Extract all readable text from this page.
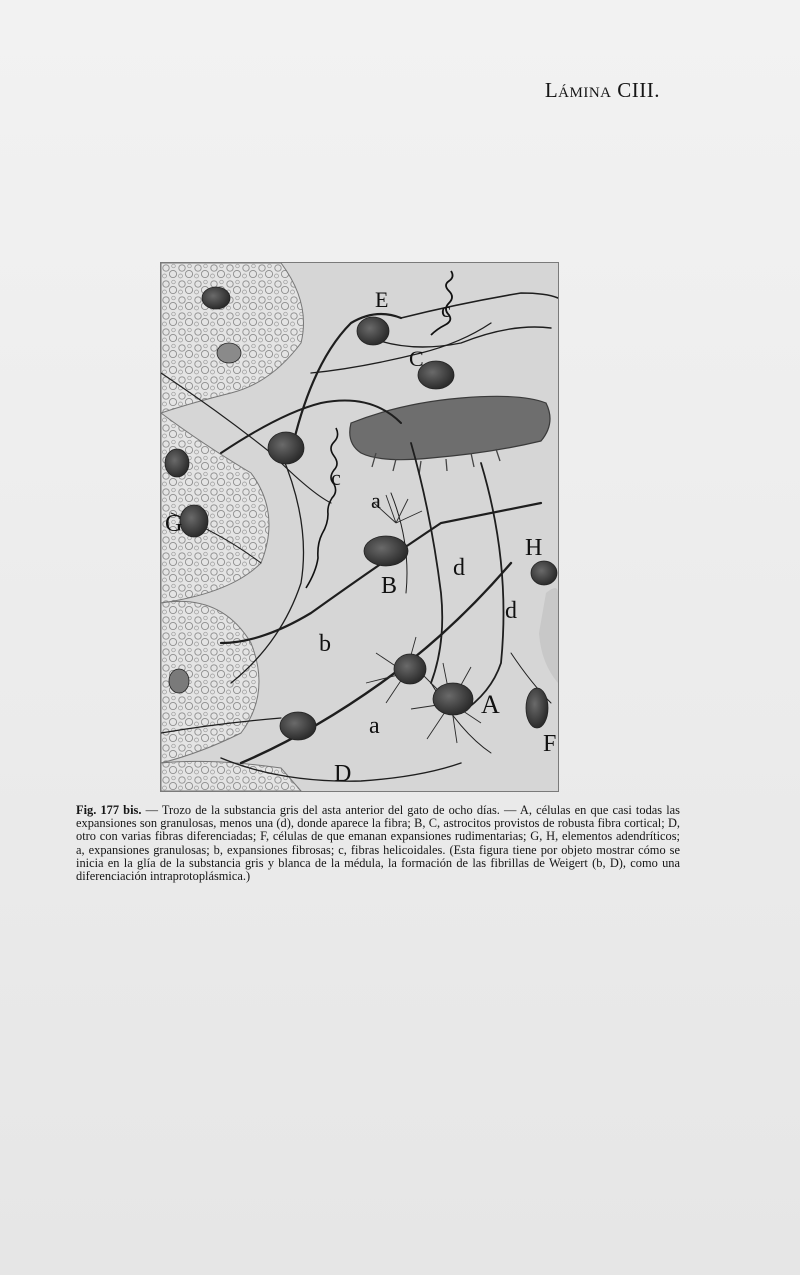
Lámina CIII.
E c
C
c
a
G
B
d
H
d
b
A
a
F
D
Fig. 177 bis. — Trozo de la substancia gris del asta anterior del gato de ocho días. — A, células en que casi todas las expansiones son granulosas, menos una (d), donde aparece la fibra; B, C, astrocitos provistos de robusta fibra cortical; D, otro con varias fibras diferenciadas; F, células de que emanan expansiones rudimentarias; G, H, elementos adendríticos; a, expansiones granulosas; b, expansiones fibrosas; c, fibras helicoidales. (Esta figura tiene por objeto mostrar cómo se inicia en la glía de la substancia gris y blanca de la médula, la formación de las fibrillas de Weigert (b, D), como una diferenciación intraprotoplásmica.)
